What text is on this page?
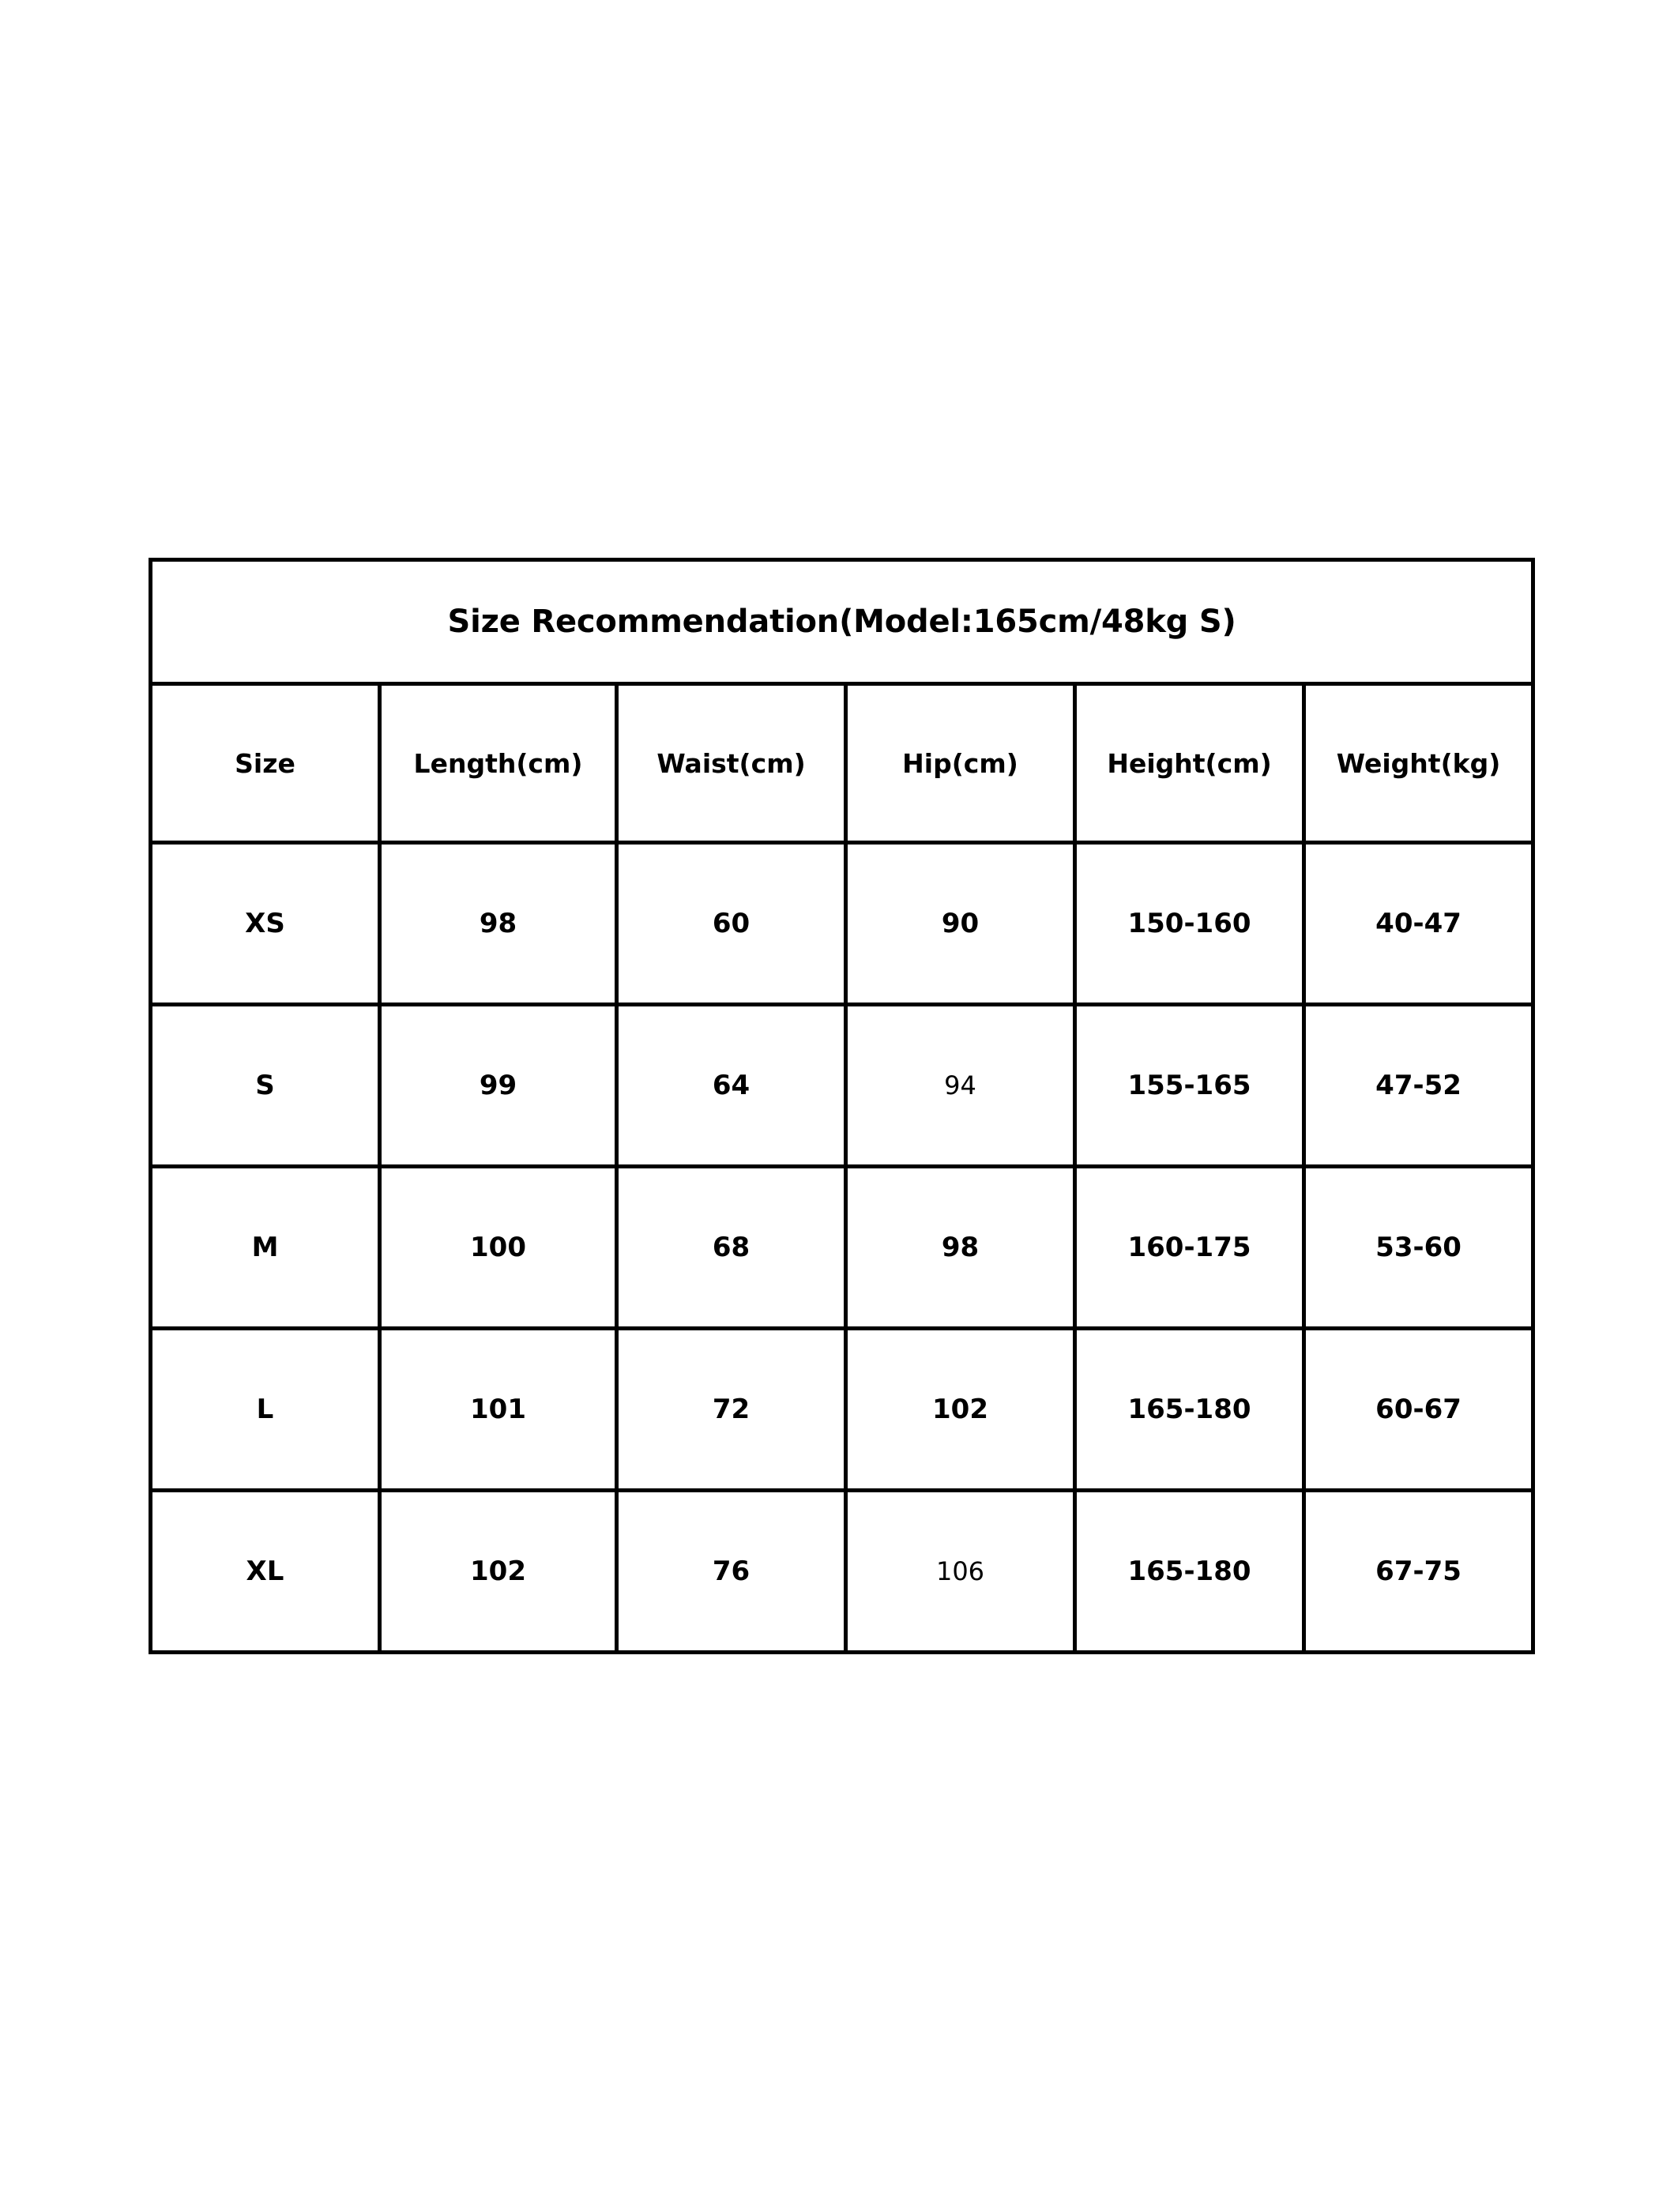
Size Recommendation(Model:165cm/48kg S)					
Size	Length(cm)	Waist(cm)	Hip(cm)	Height(cm)	Weight(kg)
XS	98	60	90	150-160	40-47
S	99	64	94	155-165	47-52
M	100	68	98	160-175	53-60
L	101	72	102	165-180	60-67
XL	102	76	106	165-180	67-75
